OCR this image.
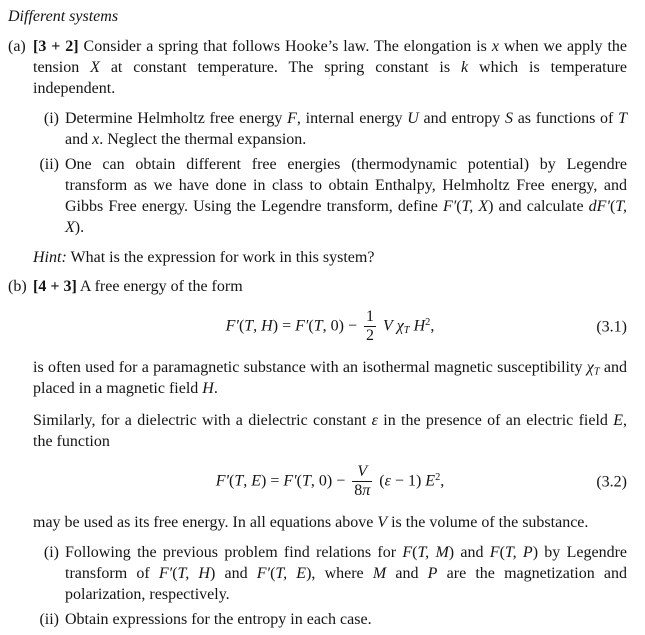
Different systems

(a) [3 + 2] Consider a spring that follows Hooke’s law. The elongation is x when we apply the tension X at constant temperature. The spring constant is k which is temperature independent.

(i) Determine Helmholtz free energy F, internal energy U and entropy S as functions of T and x. Neglect the thermal expansion.

(ii) One can obtain different free energies (thermodynamic potential) by Legendre transform as we have done in class to obtain Enthalpy, Helmholtz Free energy, and Gibbs Free energy. Using the Legendre transform, define F′(T, X) and calculate dF′(T, X).

Hint: What is the expression for work in this system?

(b) [4 + 3] A free energy of the form

F′(T, H) = F′(T, $0) - \frac{1}{2}$ V χT $H^2$,	(3.1)

is often used for a paramagnetic substance with an isothermal magnetic susceptibility χT and placed in a magnetic field H.

Similarly, for a dielectric with a dielectric constant ε in the presence of an electric field E, the function

F′(T, E) = F′(T, $0) - \frac{V}{8\pi} (\varepsilon - 1)$ $E^2$,	(3.2)

may be used as its free energy. In all equations above V is the volume of the substance.

(i) Following the previous problem find relations for F(T, M) and F(T, P) by Legendre transform of F′(T, H) and F′(T, E), where M and P are the magnetization and polarization, respectively.

(ii) Obtain expressions for the entropy in each case.
